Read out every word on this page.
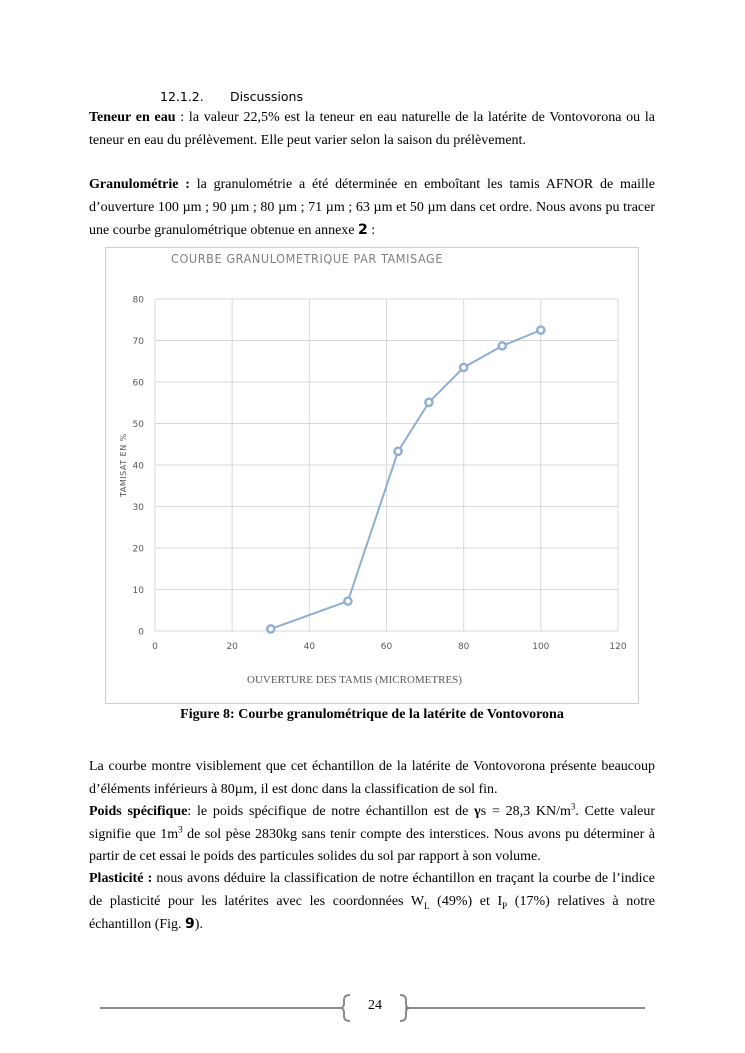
12.1.2. Discussions
Teneur en eau : la valeur 22,5% est la teneur en eau naturelle de la latérite de Vontovorona ou la teneur en eau du prélèvement. Elle peut varier selon la saison du prélèvement.
Granulométrie : la granulométrie a été déterminée en emboîtant les tamis AFNOR de maille d’ouverture 100 µm ; 90 µm ; 80 µm ; 71 µm ; 63 µm et 50 µm dans cet ordre. Nous avons pu tracer une courbe granulométrique obtenue en annexe 2 :
COURBE GRANULOMETRIQUE PAR TAMISAGE
0
10
20
30
40
50
60
70
80
0	20	40	60	80	100	120
TAMISAT EN %
OUVERTURE DES TAMIS (MICROMETRES)
Figure 8: Courbe granulométrique de la latérite de Vontovorona
La courbe montre visiblement que cet échantillon de la latérite de Vontovorona présente beaucoup d’éléments inférieurs à 80µm, il est donc dans la classification de sol fin.
Poids spécifique: le poids spécifique de notre échantillon est de γs = 28,3 $KN/m^3$. Cette valeur signifie que $1m^3$ de sol pèse 2830kg sans tenir compte des interstices. Nous avons pu déterminer à partir de cet essai le poids des particules solides du sol par rapport à son volume.
Plasticité : nous avons déduire la classification de notre échantillon en traçant la courbe de l’indice de plasticité pour les latérites avec les coordonnées $W_L$ (49%) et $I_P$ (17%) relatives à notre échantillon (Fig. 9).
24
